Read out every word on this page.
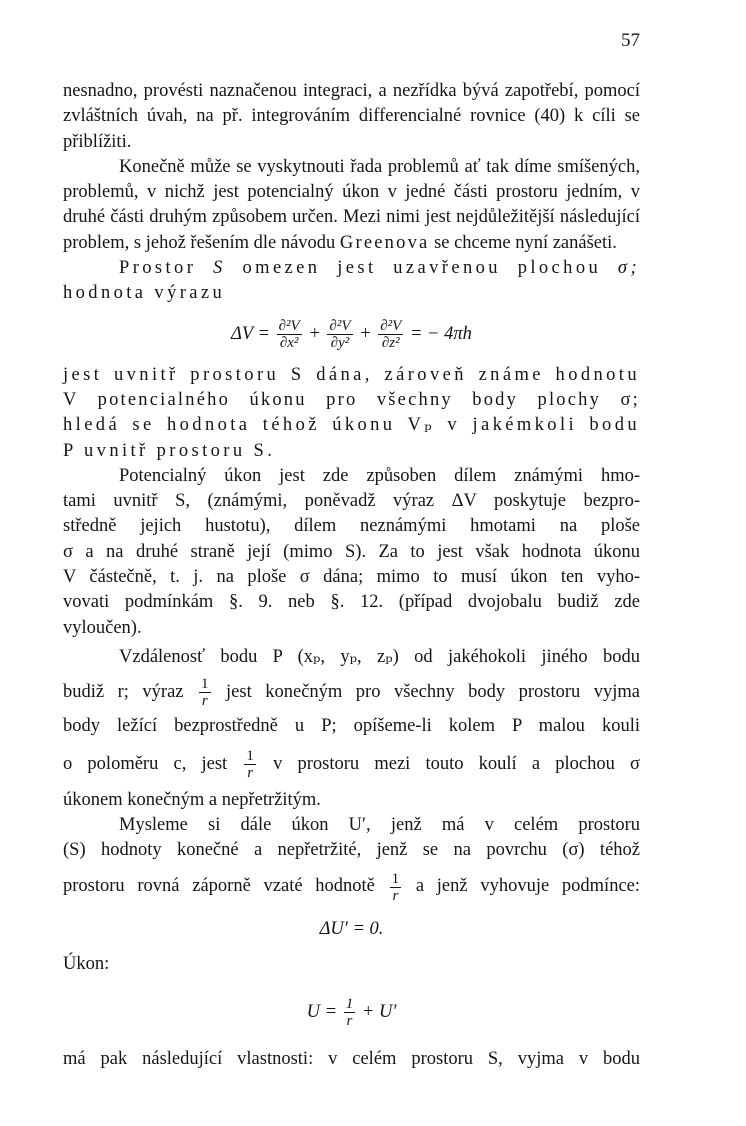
57

nesnadno, provésti naznačenou integraci, a nezřídka bývá zapotřebí, pomocí zvláštních úvah, na př. integrováním differencialné rovnice (40) k cíli se přiblížiti.

Konečně může se vyskytnouti řada problemů ať tak díme smíšených, problemů, v nichž jest potencialný úkon v jedné části prostoru jedním, v druhé části druhým způsobem určen. Mezi nimi jest nejdůležitější následující problem, s jehož řešením dle návodu Greenova se chceme nyní zanášeti.

Prostor S omezen jest uzavřenou plochou σ;

hodnota výrazu

$\Delta V = \frac{\text{∂²V}}{\text{∂x²}} + \frac{\text{∂²V}}{\text{∂y²}} + \frac{\text{∂²V}}{\text{∂z²}}$ = − 4πh

jest uvnitř prostoru S dána, zároveň známe hodnotu

V potencialného úkonu pro všechny body plochy σ;

hledá se hodnota téhož úkonu Vₚ v jakémkoli bodu

P uvnitř prostoru S.

Potencialný úkon jest zde způsoben dílem známými hmo-

tami uvnitř S, (známými, poněvadž výraz ΔV poskytuje bezpro-

středně jejich hustotu), dílem neznámými hmotami na ploše

σ a na druhé straně její (mimo S). Za to jest však hodnota úkonu

V částečně, t. j. na ploše σ dána; mimo to musí úkon ten vyho-

vovati podmínkám §. 9. neb §. 12. (případ dvojobalu budiž zde

vyloučen).

Vzdálenosť bodu P (xₚ, yₚ, zₚ) od jakéhokoli jiného bodu

budiž r; výraz $\frac{1}{r}$ jest konečným pro všechny body prostoru vyjma

body ležící bezprostředně u P; opíšeme-li kolem P malou kouli

o poloměru c, jest $\frac{1}{r}$ v prostoru mezi touto koulí a plochou σ

úkonem konečným a nepřetržitým.

Mysleme si dále úkon U′, jenž má v celém prostoru

(S) hodnoty konečné a nepřetržité, jenž se na povrchu (σ) téhož

prostoru rovná záporně vzaté hodnotě $\frac{1}{r}$ a jenž vyhovuje podmínce:

ΔU′ = 0.

Úkon:
$U = \frac{1}{r} + U'$

má pak následující vlastnosti: v celém prostoru S, vyjma v bodu
